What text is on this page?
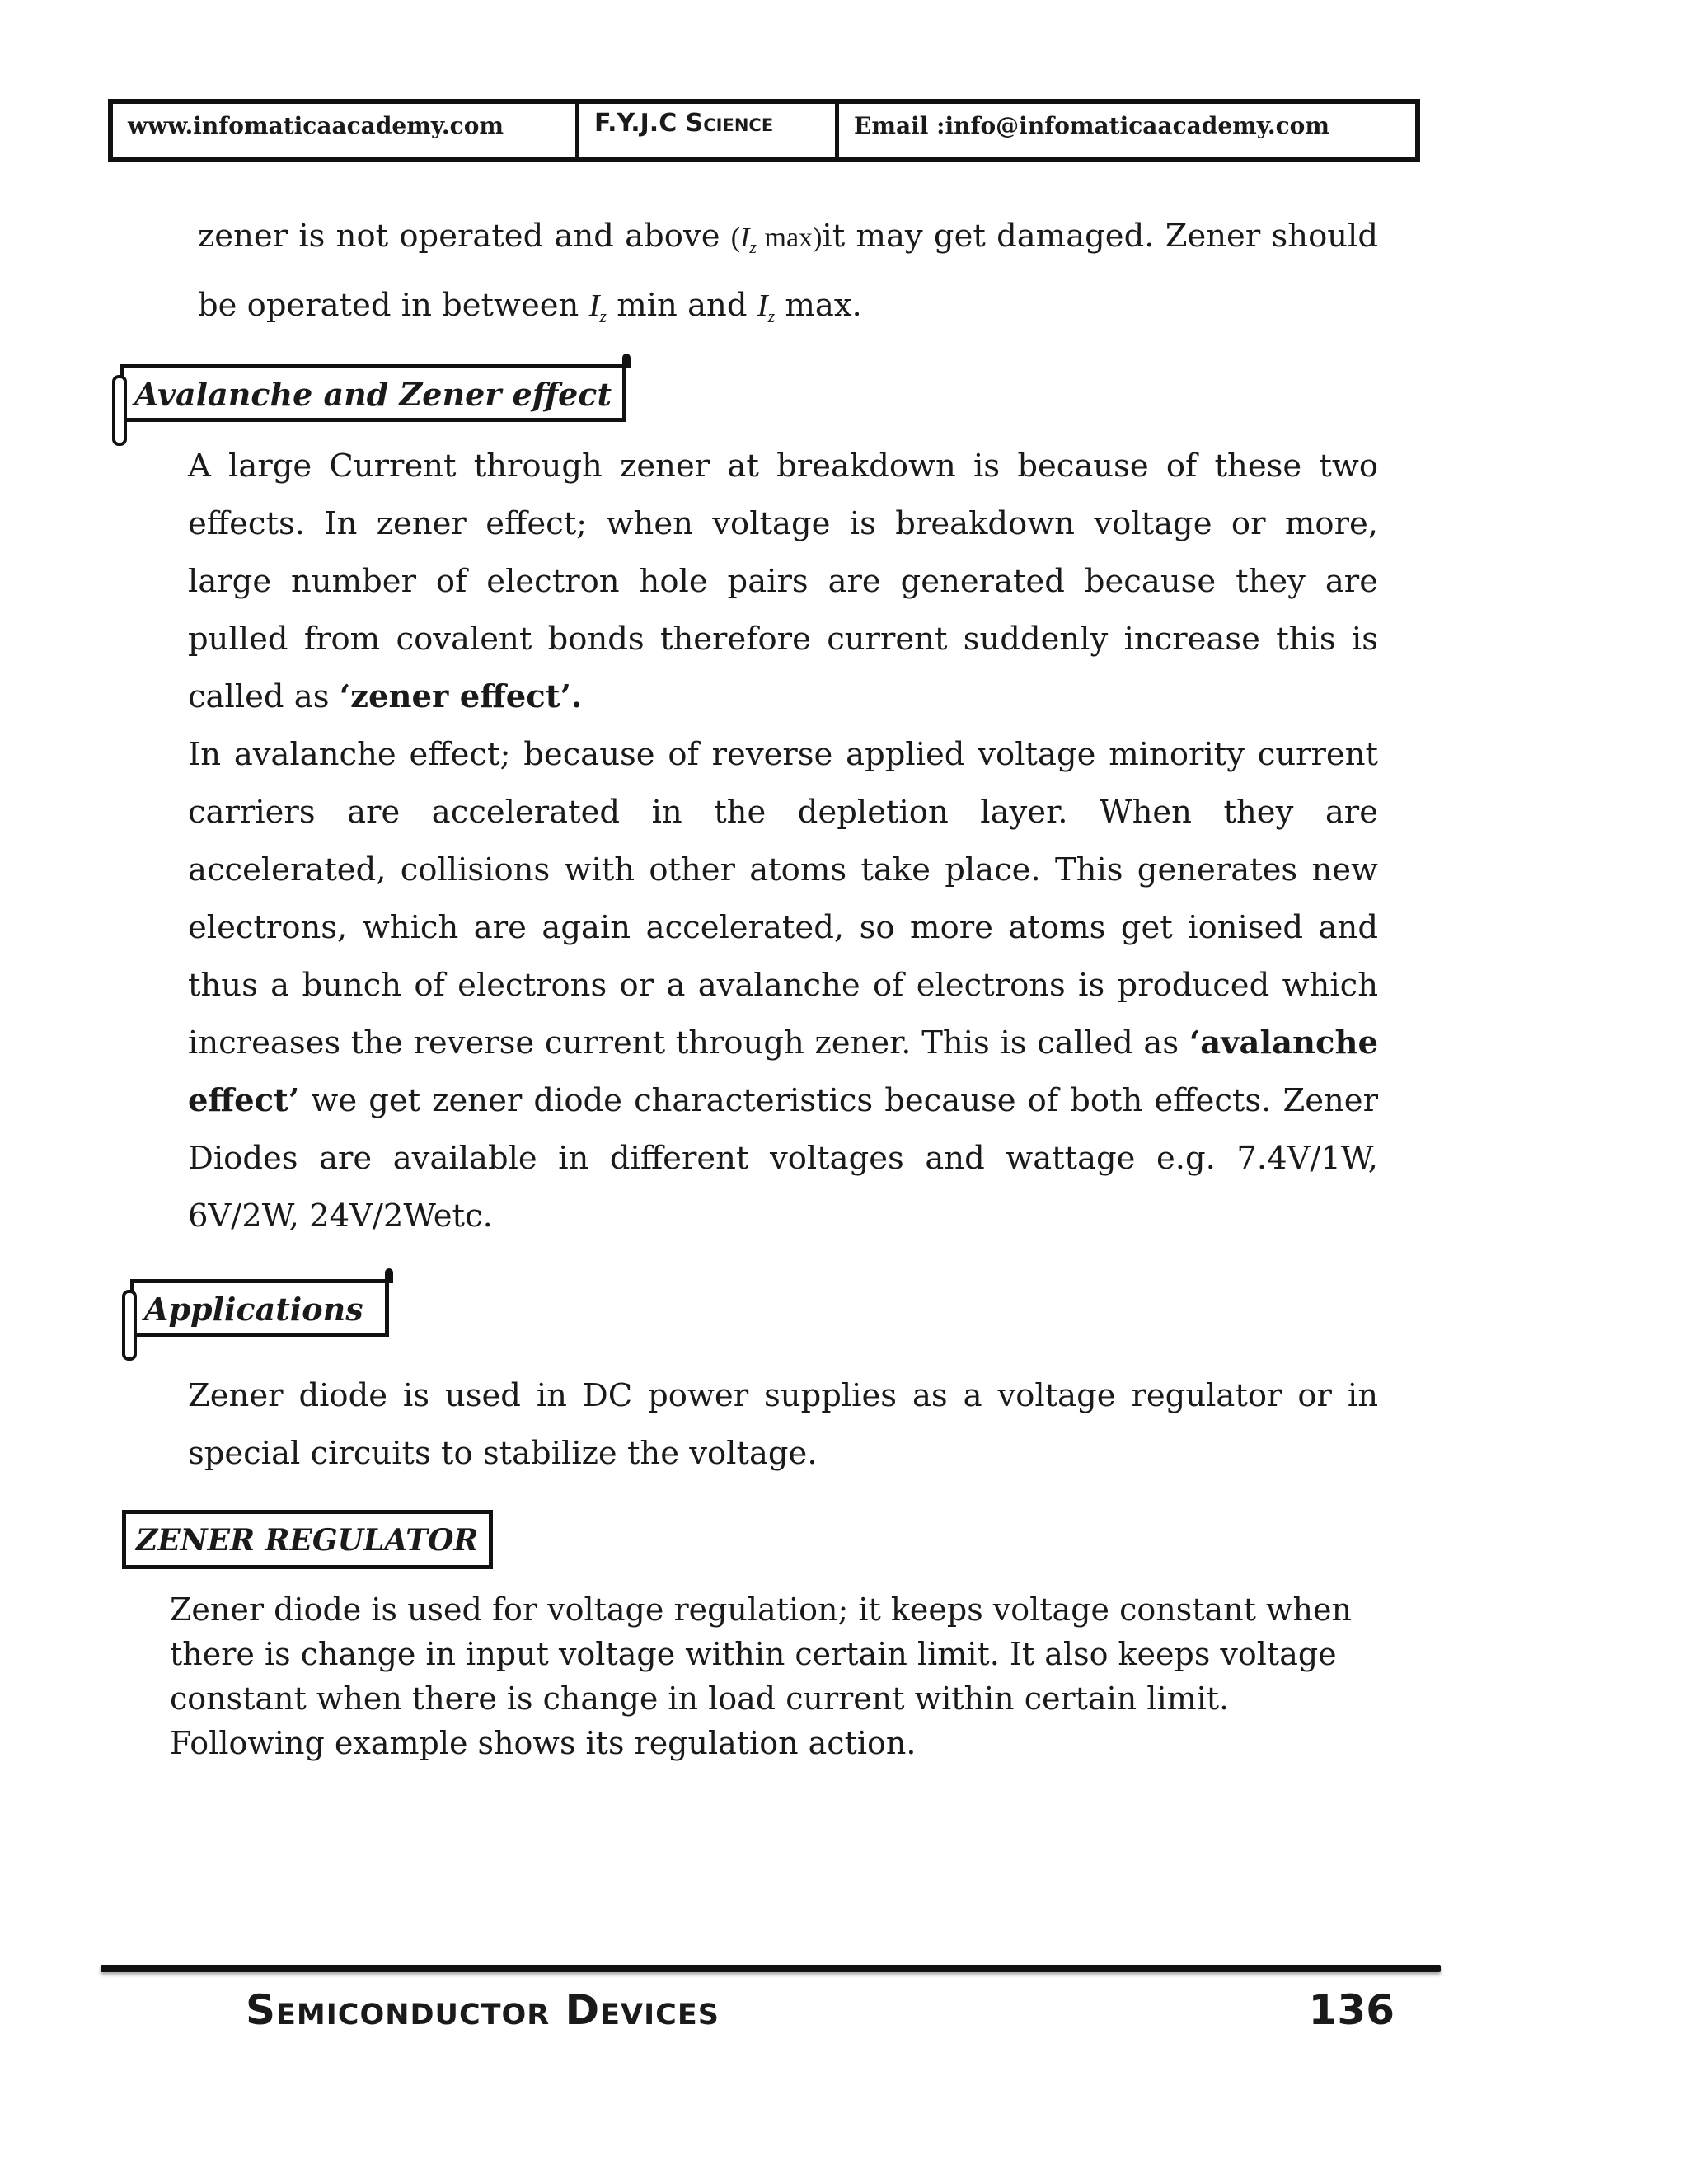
www.infomaticaacademy.com	F.Y.J.C Science	Email :info@infomaticaacademy.com

zener is not operated and above ($I_z$ max)it may get damaged. Zener should

be operated in between $I_z$ min and $I_z$ max.

Avalanche and Zener effect

A large Current through zener at breakdown is because of these two effects. In zener effect; when voltage is breakdown voltage or more, large number of electron hole pairs are generated because they are pulled from covalent bonds therefore current suddenly increase this is called as ‘zener effect’.

In avalanche effect; because of reverse applied voltage minority current carriers are accelerated in the depletion layer. When they are accelerated, collisions with other atoms take place. This generates new electrons, which are again accelerated, so more atoms get ionised and thus a bunch of electrons or a avalanche of electrons is produced which increases the reverse current through zener. This is called as ‘avalanche effect’ we get zener diode characteristics because of both effects. Zener Diodes are available in different voltages and wattage e.g. 7.4V/1W, 6V/2W, 24V/2Wetc.

Applications

Zener diode is used in DC power supplies as a voltage regulator or in special circuits to stabilize the voltage.

ZENER REGULATOR
Zener diode is used for voltage regulation; it keeps voltage constant when
there is change in input voltage within certain limit. It also keeps voltage
constant when there is change in load current within certain limit.
Following example shows its regulation action.
Semiconductor Devices	136
